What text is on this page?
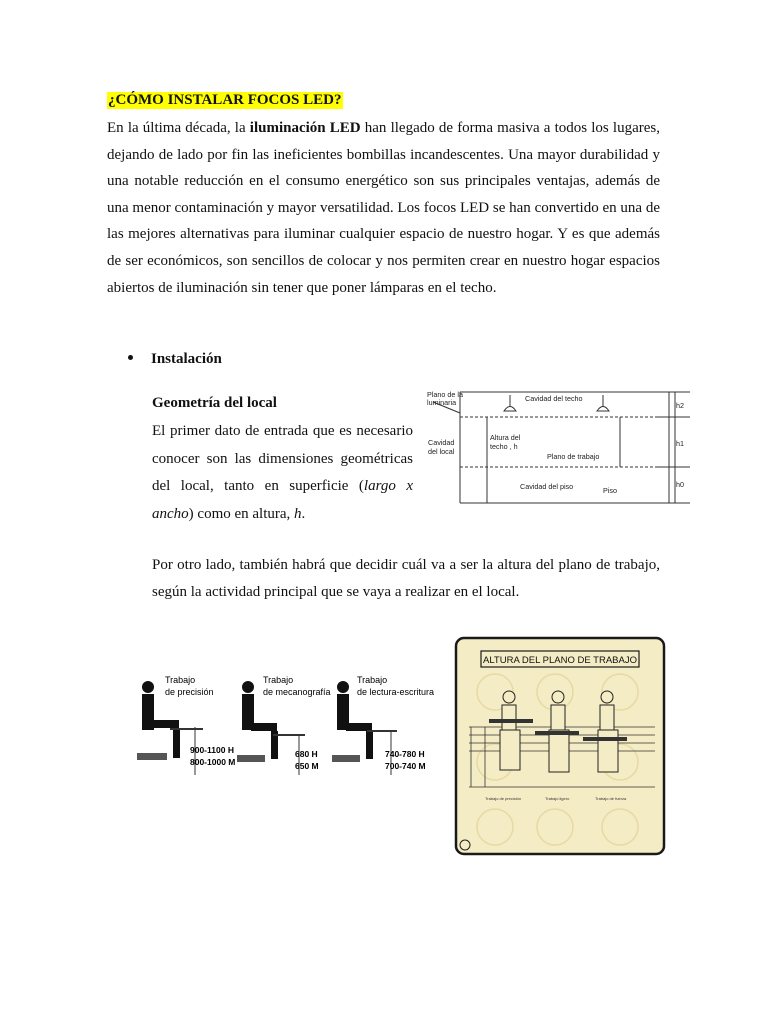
¿CÓMO INSTALAR FOCOS LED?
En la última década, la iluminación LED han llegado de forma masiva a todos los lugares, dejando de lado por fin las ineficientes bombillas incandescentes. Una mayor durabilidad y una notable reducción en el consumo energético son sus principales ventajas, además de una menor contaminación y mayor versatilidad. Los focos LED se han convertido en una de las mejores alternativas para iluminar cualquier espacio de nuestro hogar. Y es que además de ser económicos, son sencillos de colocar y nos permiten crear en nuestro hogar espacios abiertos de iluminación sin tener que poner lámparas en el techo.
Instalación
Geometría del local
El primer dato de entrada que es necesario conocer son las dimensiones geométricas del local, tanto en superficie (largo x ancho) como en altura, h.
Por otro lado, también habrá que decidir cuál va a ser la altura del plano de trabajo, según la actividad principal que se vaya a realizar en el local.
Plano de la
luminaria	Cavidad del techo
Cavidad
del local
Altura del
techo , h
Plano de trabajo
Cavidad del piso	Piso
h2
h1
h0
Trabajo
de precisión
900-1100 H
800-1000 M
Trabajo
de mecanografía
680 H
650 M
Trabajo
de lectura-escritura
740-780 H
700-740 M
ALTURA DEL PLANO DE TRABAJO
Trabajo de precisión	Trabajo ligero	Trabajo de fuerza
